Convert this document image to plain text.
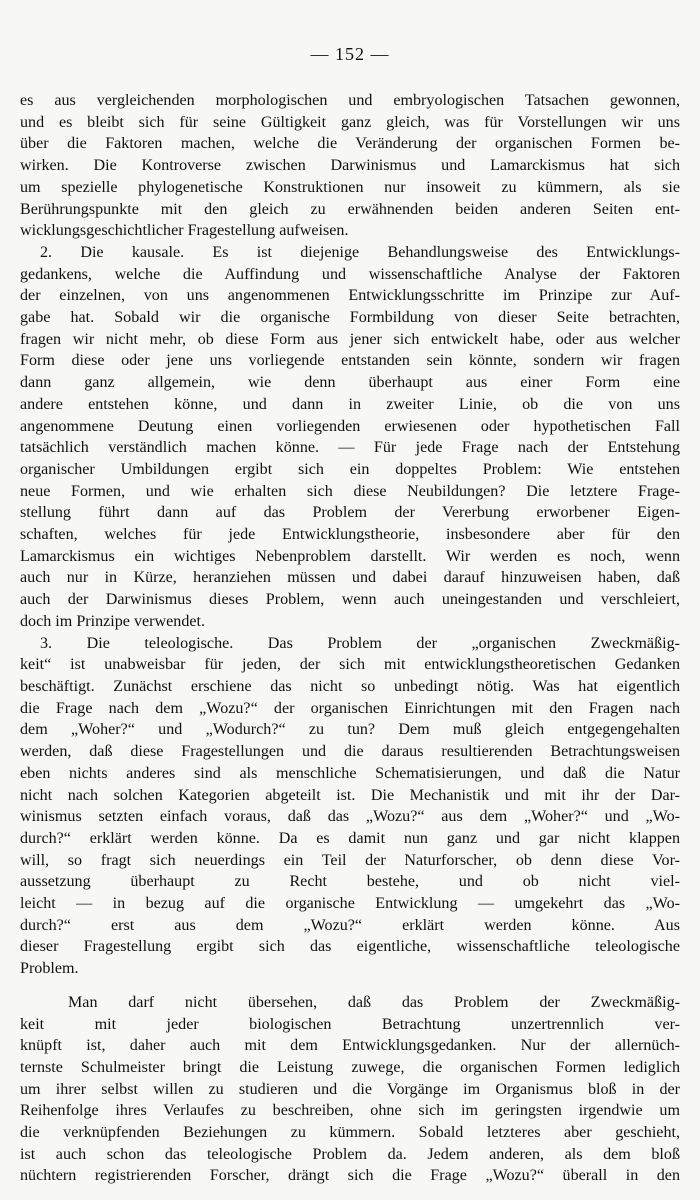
— 152 —
es aus vergleichenden morphologischen und embryologischen Tatsachen gewonnen,
und es bleibt sich für seine Gültigkeit ganz gleich, was für Vorstellungen wir uns
über die Faktoren machen, welche die Veränderung der organischen Formen be-
wirken. Die Kontroverse zwischen Darwinismus und Lamarckismus hat sich
um spezielle phylogenetische Konstruktionen nur insoweit zu kümmern, als sie
Berührungspunkte mit den gleich zu erwähnenden beiden anderen Seiten ent-
wicklungsgeschichtlicher Fragestellung aufweisen.
2. Die kausale. Es ist diejenige Behandlungsweise des Entwicklungs-
gedankens, welche die Auffindung und wissenschaftliche Analyse der Faktoren
der einzelnen, von uns angenommenen Entwicklungsschritte im Prinzipe zur Auf-
gabe hat. Sobald wir die organische Formbildung von dieser Seite betrachten,
fragen wir nicht mehr, ob diese Form aus jener sich entwickelt habe, oder aus welcher
Form diese oder jene uns vorliegende entstanden sein könnte, sondern wir fragen
dann ganz allgemein, wie denn überhaupt aus einer Form eine
andere entstehen könne, und dann in zweiter Linie, ob die von uns
angenommene Deutung einen vorliegenden erwiesenen oder hypothetischen Fall
tatsächlich verständlich machen könne. — Für jede Frage nach der Entstehung
organischer Umbildungen ergibt sich ein doppeltes Problem: Wie entstehen
neue Formen, und wie erhalten sich diese Neubildungen? Die letztere Frage-
stellung führt dann auf das Problem der Vererbung erworbener Eigen-
schaften, welches für jede Entwicklungstheorie, insbesondere aber für den
Lamarckismus ein wichtiges Nebenproblem darstellt. Wir werden es noch, wenn
auch nur in Kürze, heranziehen müssen und dabei darauf hinzuweisen haben, daß
auch der Darwinismus dieses Problem, wenn auch uneingestanden und verschleiert,
doch im Prinzipe verwendet.
3. Die teleologische. Das Problem der „organischen Zweckmäßig-
keit“ ist unabweisbar für jeden, der sich mit entwicklungstheoretischen Gedanken
beschäftigt. Zunächst erschiene das nicht so unbedingt nötig. Was hat eigentlich
die Frage nach dem „Wozu?“ der organischen Einrichtungen mit den Fragen nach
dem „Woher?“ und „Wodurch?“ zu tun? Dem muß gleich entgegengehalten
werden, daß diese Fragestellungen und die daraus resultierenden Betrachtungsweisen
eben nichts anderes sind als menschliche Schematisierungen, und daß die Natur
nicht nach solchen Kategorien abgeteilt ist. Die Mechanistik und mit ihr der Dar-
winismus setzten einfach voraus, daß das „Wozu?“ aus dem „Woher?“ und „Wo-
durch?“ erklärt werden könne. Da es damit nun ganz und gar nicht klappen
will, so fragt sich neuerdings ein Teil der Naturforscher, ob denn diese Vor-
aussetzung überhaupt zu Recht bestehe, und ob nicht viel-
leicht — in bezug auf die organische Entwicklung — umgekehrt das „Wo-
durch?“ erst aus dem „Wozu?“ erklärt werden könne. Aus
dieser Fragestellung ergibt sich das eigentliche, wissenschaftliche teleologische
Problem.
Man darf nicht übersehen, daß das Problem der Zweckmäßig-
keit mit jeder biologischen Betrachtung unzertrennlich ver-
knüpft ist, daher auch mit dem Entwicklungsgedanken. Nur der allernüch-
ternste Schulmeister bringt die Leistung zuwege, die organischen Formen lediglich
um ihrer selbst willen zu studieren und die Vorgänge im Organismus bloß in der
Reihenfolge ihres Verlaufes zu beschreiben, ohne sich im geringsten irgendwie um
die verknüpfenden Beziehungen zu kümmern. Sobald letzteres aber geschieht,
ist auch schon das teleologische Problem da. Jedem anderen, als dem bloß
nüchtern registrierenden Forscher, drängt sich die Frage „Wozu?“ überall in den
